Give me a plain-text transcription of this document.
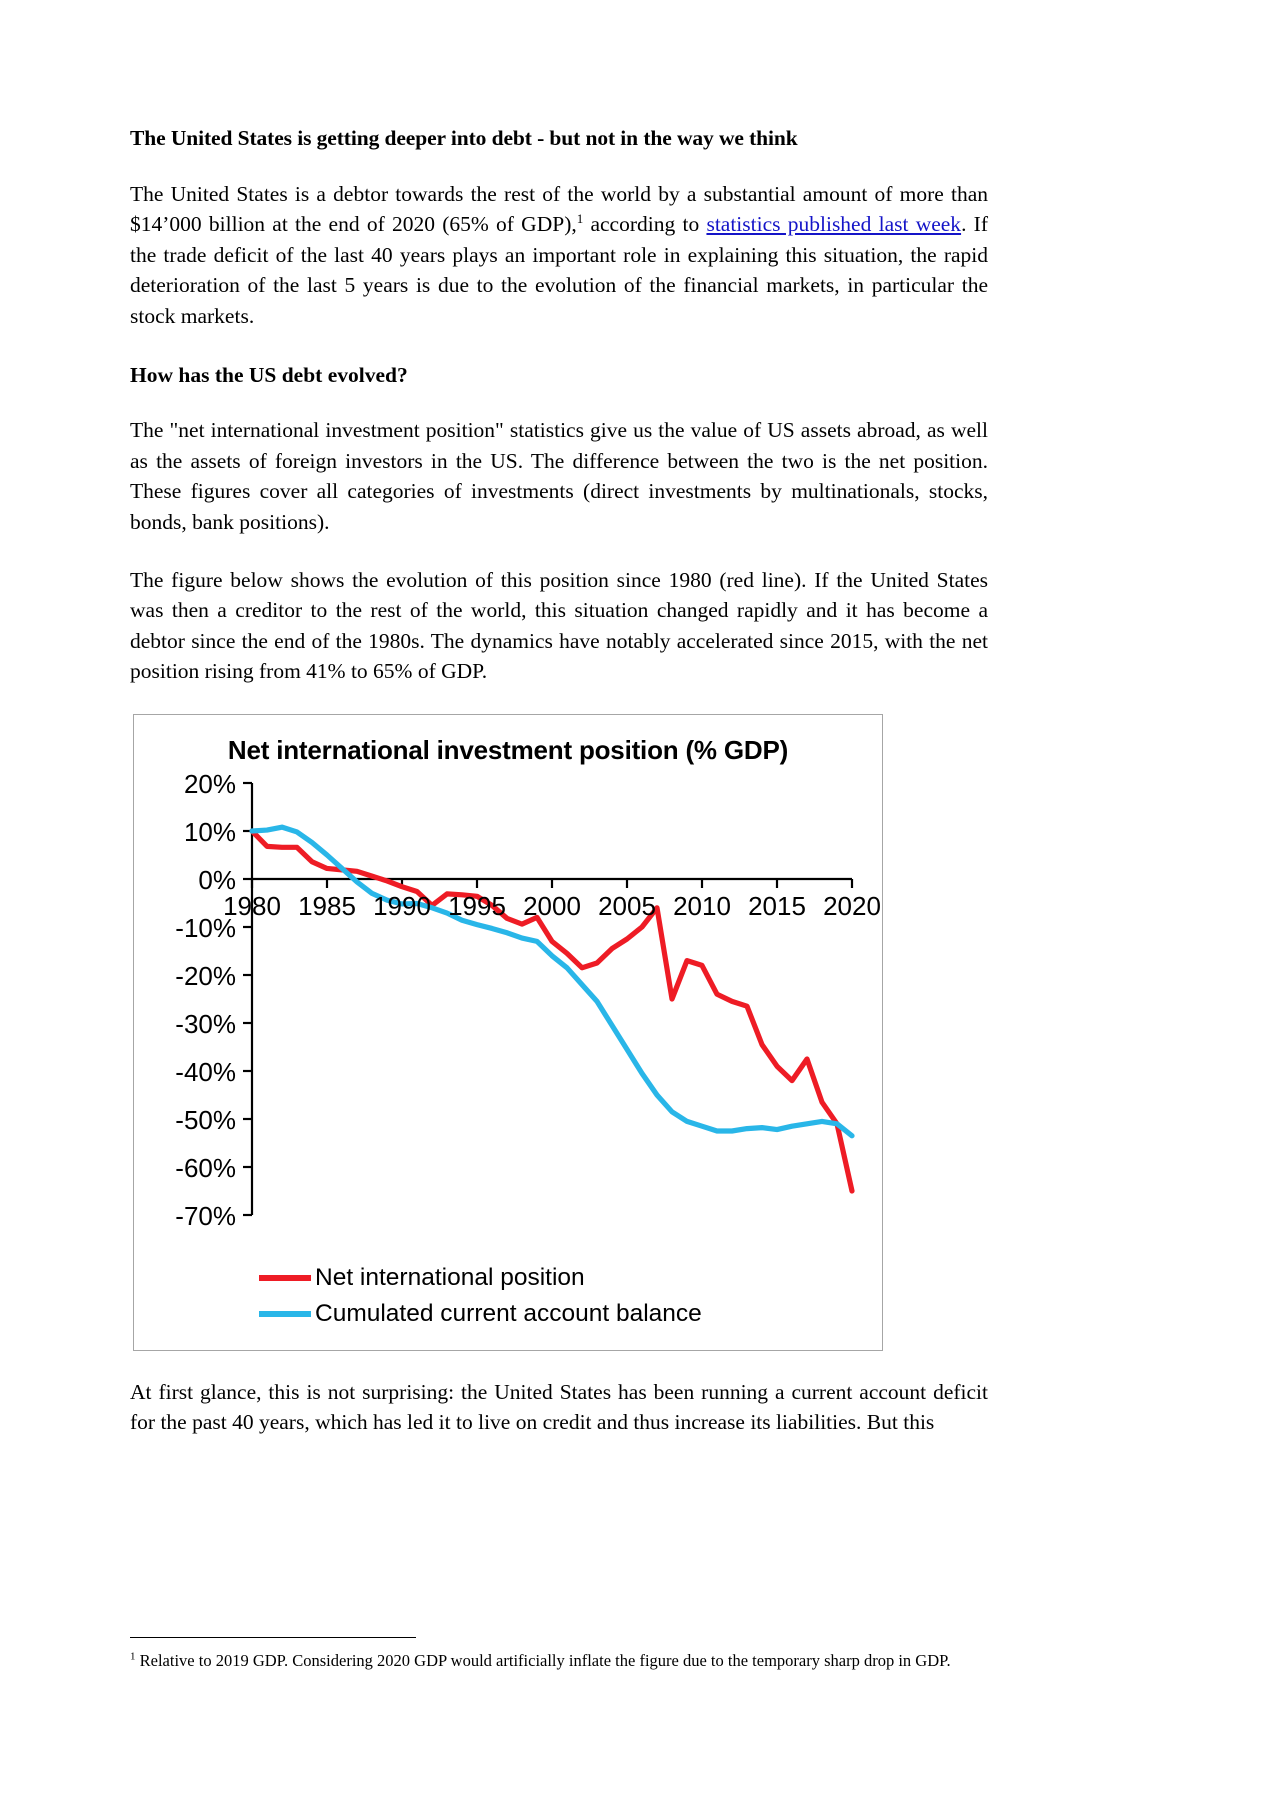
The United States is getting deeper into debt - but not in the way we think

The United States is a debtor towards the rest of the world by a substantial amount of more than $14’000 billion at the end of 2020 (65% of GDP),$^1$ according to statistics published last week. If the trade deficit of the last 40 years plays an important role in explaining this situation, the rapid deterioration of the last 5 years is due to the evolution of the financial markets, in particular the stock markets.

How has the US debt evolved?

The "net international investment position" statistics give us the value of US assets abroad, as well as the assets of foreign investors in the US. The difference between the two is the net position. These figures cover all categories of investments (direct investments by multinationals, stocks, bonds, bank positions).

The figure below shows the evolution of this position since 1980 (red line). If the United States was then a creditor to the rest of the world, this situation changed rapidly and it has become a debtor since the end of the 1980s. The dynamics have notably accelerated since 2015, with the net position rising from 41% to 65% of GDP.

Net international investment position (% GDP)
20%
10%
0%
-10%
-20%
-30%
-40%
-50%
-60%
-70%
1980 1985 1990 1995 2000 2005 2010 2015 2020
Net international position
Cumulated current account balance

At first glance, this is not surprising: the United States has been running a current account deficit for the past 40 years, which has led it to live on credit and thus increase its liabilities. But this

$^1$ Relative to 2019 GDP. Considering 2020 GDP would artificially inflate the figure due to the temporary sharp drop in GDP.
